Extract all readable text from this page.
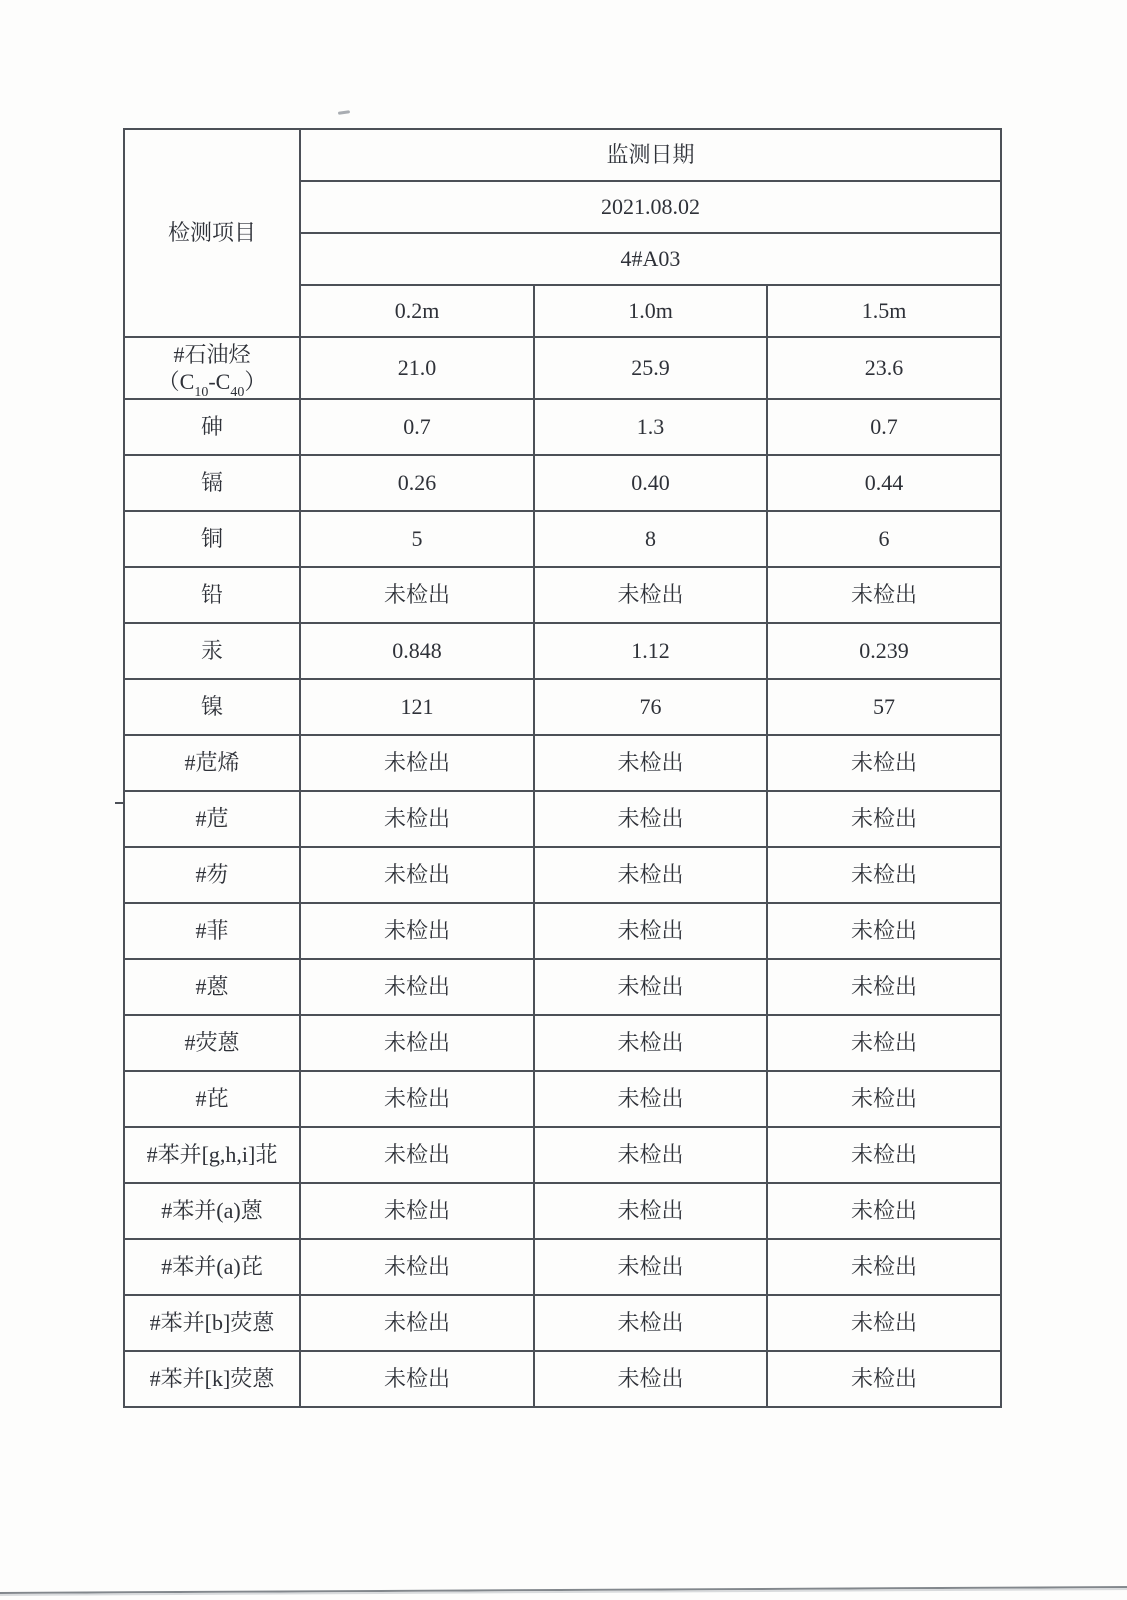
检测项目	监测日期		
	2021.08.02		
	4#A03		
	0.2m	1.0m	1.5m

#石油烃
$(C_{10}-C_{40})$	21.0	25.9	23.6

砷	0.7	1.3	0.7

镉	0.26	0.40	0.44

铜	5	8	6

铅	未检出	未检出	未检出

汞	0.848	1.12	0.239

镍	121	76	57

#苊烯	未检出	未检出	未检出

#苊	未检出	未检出	未检出

#芴	未检出	未检出	未检出

#菲	未检出	未检出	未检出

#蒽	未检出	未检出	未检出

#荧蒽	未检出	未检出	未检出

#芘	未检出	未检出	未检出

#苯并[g,h,i]苝	未检出	未检出	未检出

#苯并(a)蒽	未检出	未检出	未检出

#苯并(a)芘	未检出	未检出	未检出

#苯并[b]荧蒽	未检出	未检出	未检出

#苯并[k]荧蒽	未检出	未检出	未检出
